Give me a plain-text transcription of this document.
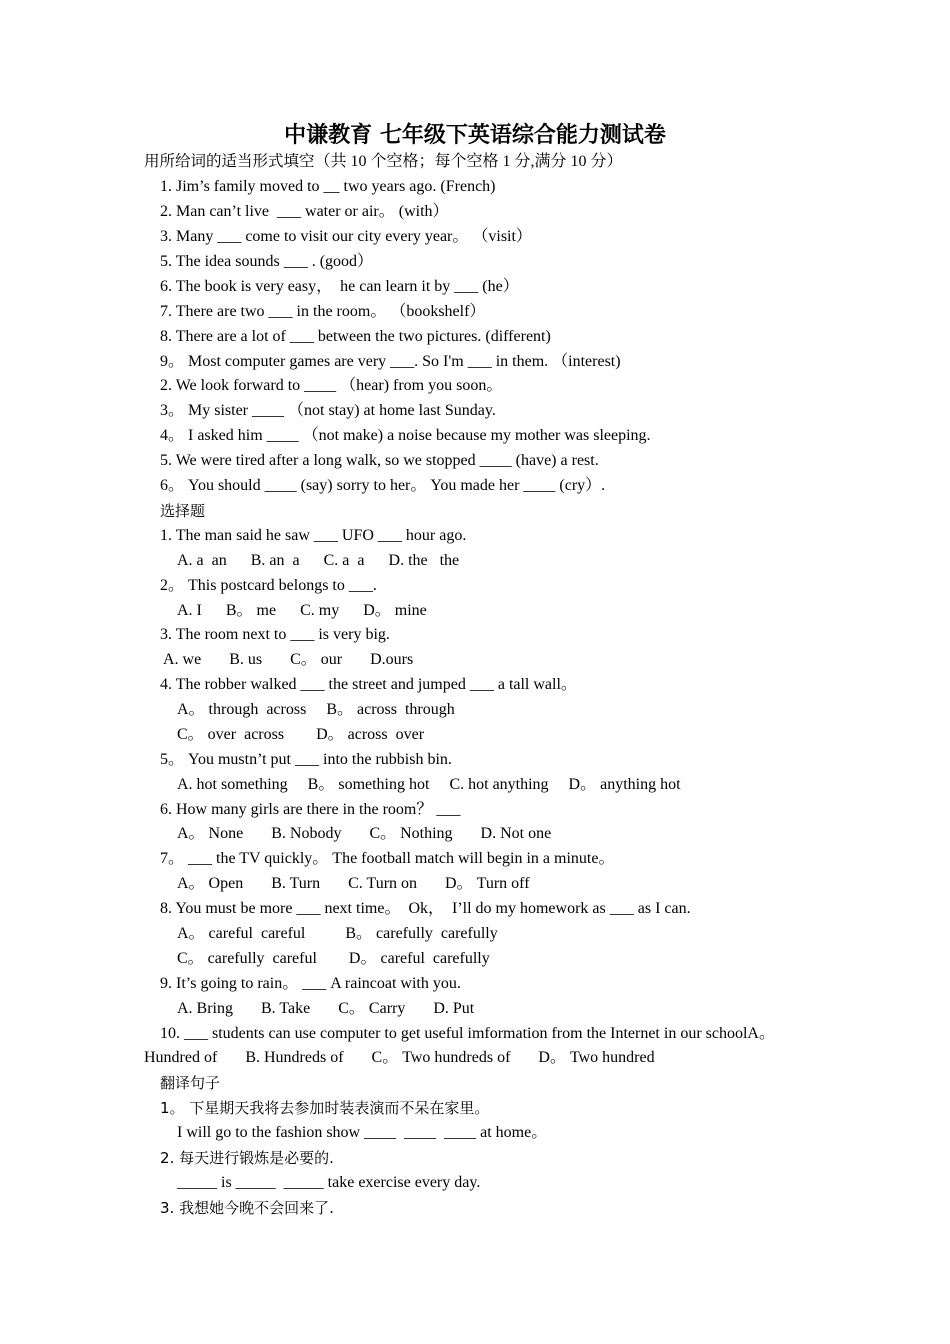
中谦教育 七年级下英语综合能力测试卷
用所给词的适当形式填空（共 10 个空格；每个空格 1 分,满分 10 分）
1. Jim’s family moved to __ two years ago. (French)
2. Man can’t live  ___ water or air。 (with）
3. Many ___ come to visit our city every year。 （visit）
5. The idea sounds ___ . (good）
6. The book is very easy，  he can learn it by ___ (he）
7. There are two ___ in the room。 （bookshelf）
8. There are a lot of ___ between the two pictures. (different)
9。 Most computer games are very ___. So I'm ___ in them. （interest)
2. We look forward to ____ （hear) from you soon。
3。 My sister ____ （not stay) at home last Sunday.
4。 I asked him ____ （not make) a noise because my mother was sleeping.
5. We were tired after a long walk, so we stopped ____ (have) a rest.
6。 You should ____ (say) sorry to her。 You made her ____ (cry）.
选择题
1. The man said he saw ___ UFO ___ hour ago.
A. a  an      B. an  a      C. a  a      D. the   the
2。 This postcard belongs to ___.
A. I      B。 me      C. my      D。 mine
3. The room next to ___ is very big.
A. we       B. us       C。 our       D.ours
4. The robber walked ___ the street and jumped ___ a tall wall。
A。 through  across     B。 across  through
C。 over  across        D。 across  over
5。 You mustn’t put ___ into the rubbish bin.
A. hot something     B。 something hot     C. hot anything     D。 anything hot
6. How many girls are there in the room？ ___
A。 None       B. Nobody       C。 Nothing       D. Not one
7。 ___ the TV quickly。 The football match will begin in a minute。
A。 Open       B. Turn       C. Turn on       D。 Turn off
8. You must be more ___ next time。  Ok，  I’ll do my homework as ___ as I can.
A。 careful  careful          B。 carefully  carefully
C。 carefully  careful        D。 careful  carefully
9. It’s going to rain。 ___ A raincoat with you.
A. Bring       B. Take       C。 Carry       D. Put
10. ___ students can use computer to get useful imformation from the Internet in our schoolA。
Hundred of       B. Hundreds of       C。 Two hundreds of       D。 Two hundred
翻译句子
1。 下星期天我将去参加时装表演而不呆在家里。
I will go to the fashion show ____  ____  ____ at home。
2. 每天进行锻炼是必要的.
_____ is _____  _____ take exercise every day.
3. 我想她今晚不会回来了.
